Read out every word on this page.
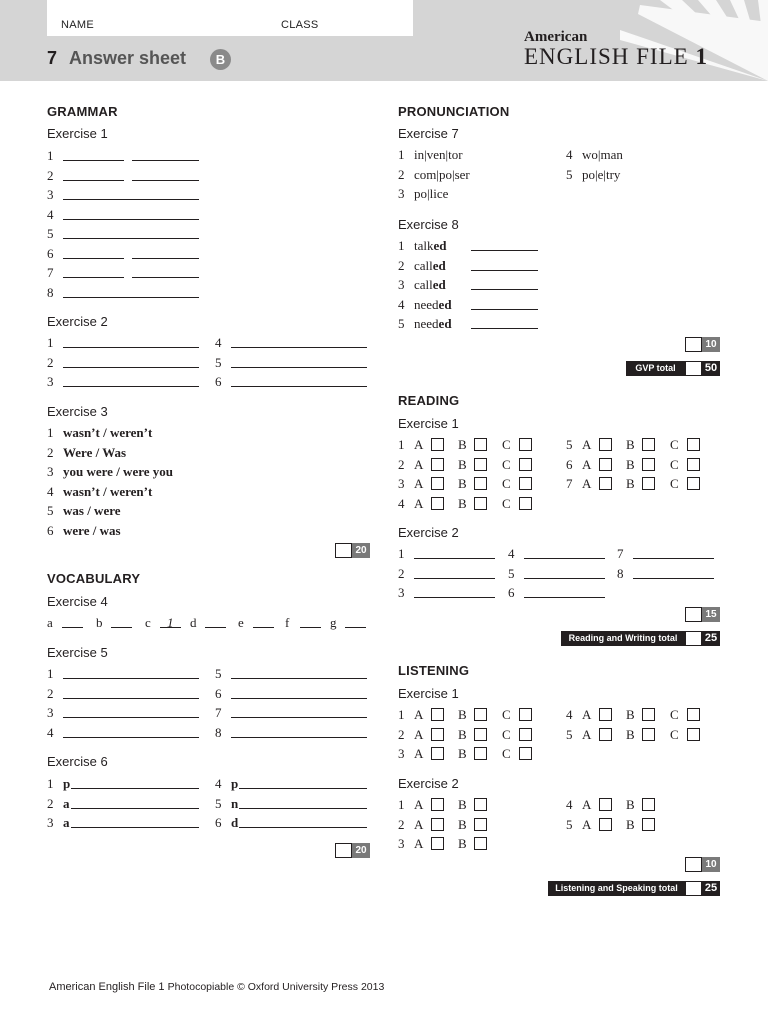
NAME	CLASS
7 Answer sheet	B
American
ENGLISH FILE 1
GRAMMAR
Exercise 1
1
2
3
4
5
6
7
8
Exercise 2
1
2
3
4
5
6
Exercise 3
1 wasn’t / weren’t
2 Were / Was
3 you were / were you
4 wasn’t / weren’t
5 was / were
6 were / was
20
VOCABULARY
Exercise 4
a	b	c 1 d	e	f	g
Exercise 5
1
2
3
4
5
6
7
8
Exercise 6
1 p
2 a
3 a
4 p
5 n
6 d
20
PRONUNCIATION
Exercise 7
1 in|ven|tor
2 com|po|ser
3 po|lice
4 wo|man
5 po|e|try
Exercise 8
1 talked
2 called
3 called
4 needed
5 needed
10
GVP total	50
READING
Exercise 1
1 A	B	C
2 A	B	C
3 A	B	C
4 A	B	C
5 A	B	C
6 A	B	C
7 A	B	C
Exercise 2
1
2
3
4
5
6
7
8
15
Reading and Writing total	25
LISTENING
Exercise 1
1 A	B	C
2 A	B	C
3 A	B	C
4 A	B	C
5 A	B	C
Exercise 2
1 A	B
2 A	B
3 A	B
4 A	B
5 A	B
10
Listening and Speaking total	25
American English File 1 Photocopiable © Oxford University Press 2013
